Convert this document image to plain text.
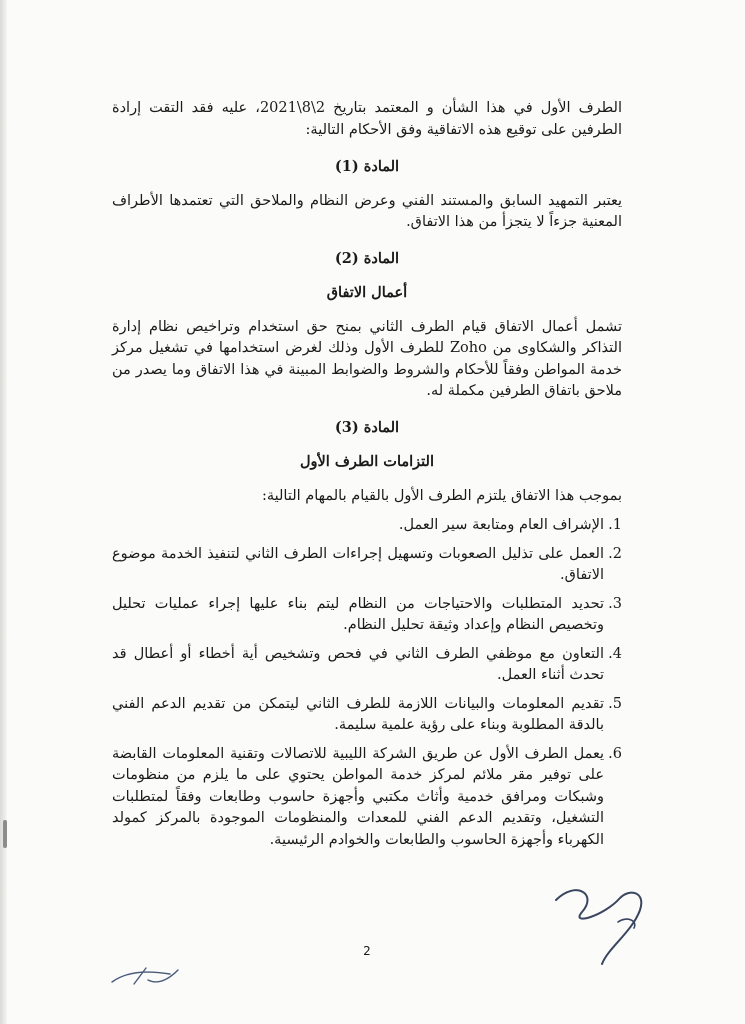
الطرف الأول في هذا الشأن و المعتمد بتاريخ 2\8\2021، عليه فقد التقت إرادة الطرفين على توقيع هذه الاتفاقية وفق الأحكام التالية:

المادة (1)

يعتبر التمهيد السابق والمستند الفني وعرض النظام والملاحق التي تعتمدها الأطراف المعنية جزءاً لا يتجزأ من هذا الاتفاق.

المادة (2)
أعمال الاتفاق

تشمل أعمال الاتفاق قيام الطرف الثاني بمنح حق استخدام وتراخيص نظام إدارة التذاكر والشكاوى من Zoho للطرف الأول وذلك لغرض استخدامها في تشغيل مركز خدمة المواطن وفقاً للأحكام والشروط والضوابط المبينة في هذا الاتفاق وما يصدر من ملاحق باتفاق الطرفين مكملة له.

المادة (3)
التزامات الطرف الأول

بموجب هذا الاتفاق يلتزم الطرف الأول بالقيام بالمهام التالية:

1.
الإشراف العام ومتابعة سير العمل.
2.
العمل على تذليل الصعوبات وتسهيل إجراءات الطرف الثاني لتنفيذ الخدمة موضوع الاتفاق.
3.
تحديد المتطلبات والاحتياجات من النظام ليتم بناء عليها إجراء عمليات تحليل وتخصيص النظام وإعداد وثيقة تحليل النظام.
4.
التعاون مع موظفي الطرف الثاني في فحص وتشخيص أية أخطاء أو أعطال قد تحدث أثناء العمل.
5.
تقديم المعلومات والبيانات اللازمة للطرف الثاني ليتمكن من تقديم الدعم الفني بالدقة المطلوبة وبناء على رؤية علمية سليمة.
6.
يعمل الطرف الأول عن طريق الشركة الليبية للاتصالات وتقنية المعلومات القابضة على توفير مقر ملائم لمركز خدمة المواطن يحتوي على ما يلزم من منظومات وشبكات ومرافق خدمية وأثاث مكتبي وأجهزة حاسوب وطابعات وفقاً لمتطلبات التشغيل، وتقديم الدعم الفني للمعدات والمنظومات الموجودة بالمركز كمولد الكهرباء وأجهزة الحاسوب والطابعات والخوادم الرئيسية.
2
